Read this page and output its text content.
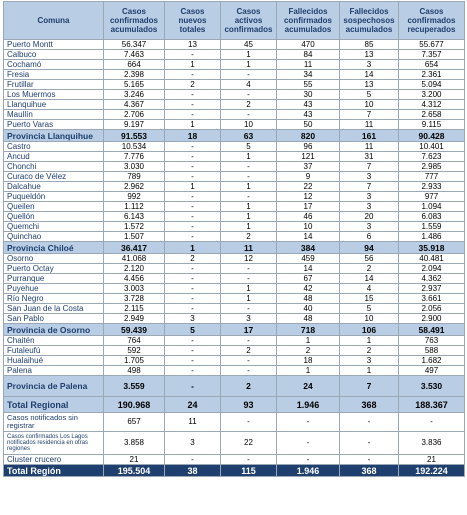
Comuna	Casos confirmados acumulados	Casos nuevos totales	Casos activos confirmados	Fallecidos confirmados acumulados	Fallecidos sospechosos acumulados	Casos confirmados recuperados
Puerto Montt	56.347	13	45	470	85	55.677
Calbuco	7.463	-	1	84	13	7.357
Cochamó	664	1	1	11	3	654
Fresia	2.398	-	-	34	14	2.361
Frutillar	5.165	2	4	55	13	5.094
Los Muermos	3.246	-	-	30	5	3.200
Llanquihue	4.367	-	2	43	10	4.312
Maullín	2.706	-	-	43	7	2.658
Puerto Varas	9.197	1	10	50	11	9.115
Provincia Llanquihue	91.553	18	63	820	161	90.428
Castro	10.534	-	5	96	11	10.401
Ancud	7.776	-	1	121	31	7.623
Chonchi	3.030	-	-	37	7	2.985
Curaco de Vélez	789	-	-	9	3	777
Dalcahue	2.962	1	1	22	7	2.933
Puqueldón	992	-	-	12	3	977
Queilen	1.112	-	1	17	3	1.094
Quellón	6.143	-	1	46	20	6.083
Quemchi	1.572	-	1	10	3	1.559
Quinchao	1.507	-	2	14	6	1.486
Provincia Chiloé	36.417	1	11	384	94	35.918
Osorno	41.068	2	12	459	56	40.481
Puerto Octay	2.120	-	-	14	2	2.094
Purranque	4.456	-	-	67	14	4.362
Puyehue	3.003	-	1	42	4	2.937
Río Negro	3.728	-	1	48	15	3.661
San Juan de la Costa	2.115	-	-	40	5	2.056
San Pablo	2.949	3	3	48	10	2.900
Provincia de Osorno	59.439	5	17	718	106	58.491
Chaitén	764	-	-	1	1	763
Futaleufú	592	-	2	2	2	588
Hualaihué	1.705	-	-	18	3	1.682
Palena	498	-	-	1	1	497
Provincia de Palena	3.559	-	2	24	7	3.530
Total Regional	190.968	24	93	1.946	368	188.367
Casos notificados sin registrar	657	11	-	-	-	-
Casos confirmados Los Lagos notificados residencia en otras regiones	3.858	3	22	-	-	3.836
Cluster crucero	21	-	-	-	-	21
Total Región	195.504	38	115	1.946	368	192.224
